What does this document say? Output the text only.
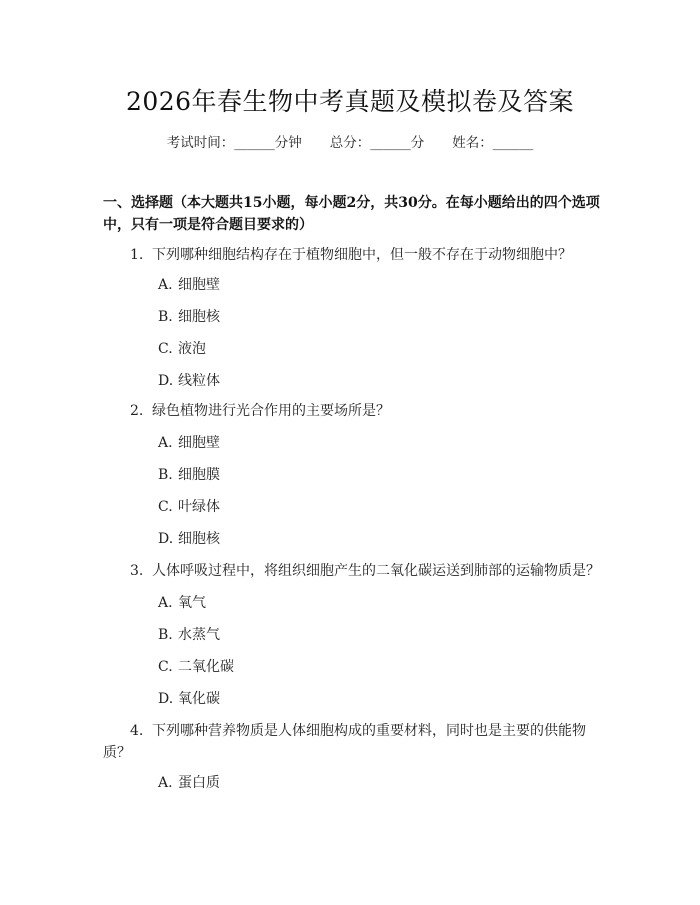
2026年春生物中考真题及模拟卷及答案
考试时间：______分钟 总分：______分 姓名：______
一、选择题（本大题共15小题，每小题2分，共30分。在每小题给出的四个选项中，只有一项是符合题目要求的）
1. 下列哪种细胞结构存在于植物细胞中，但一般不存在于动物细胞中？
A. 细胞壁
B. 细胞核
C. 液泡
D. 线粒体
2. 绿色植物进行光合作用的主要场所是？
A. 细胞壁
B. 细胞膜
C. 叶绿体
D. 细胞核
3. 人体呼吸过程中，将组织细胞产生的二氧化碳运送到肺部的运输物质是？
A. 氧气
B. 水蒸气
C. 二氧化碳
D. 氧化碳
4. 下列哪种营养物质是人体细胞构成的重要材料，同时也是主要的供能物质？
A. 蛋白质
